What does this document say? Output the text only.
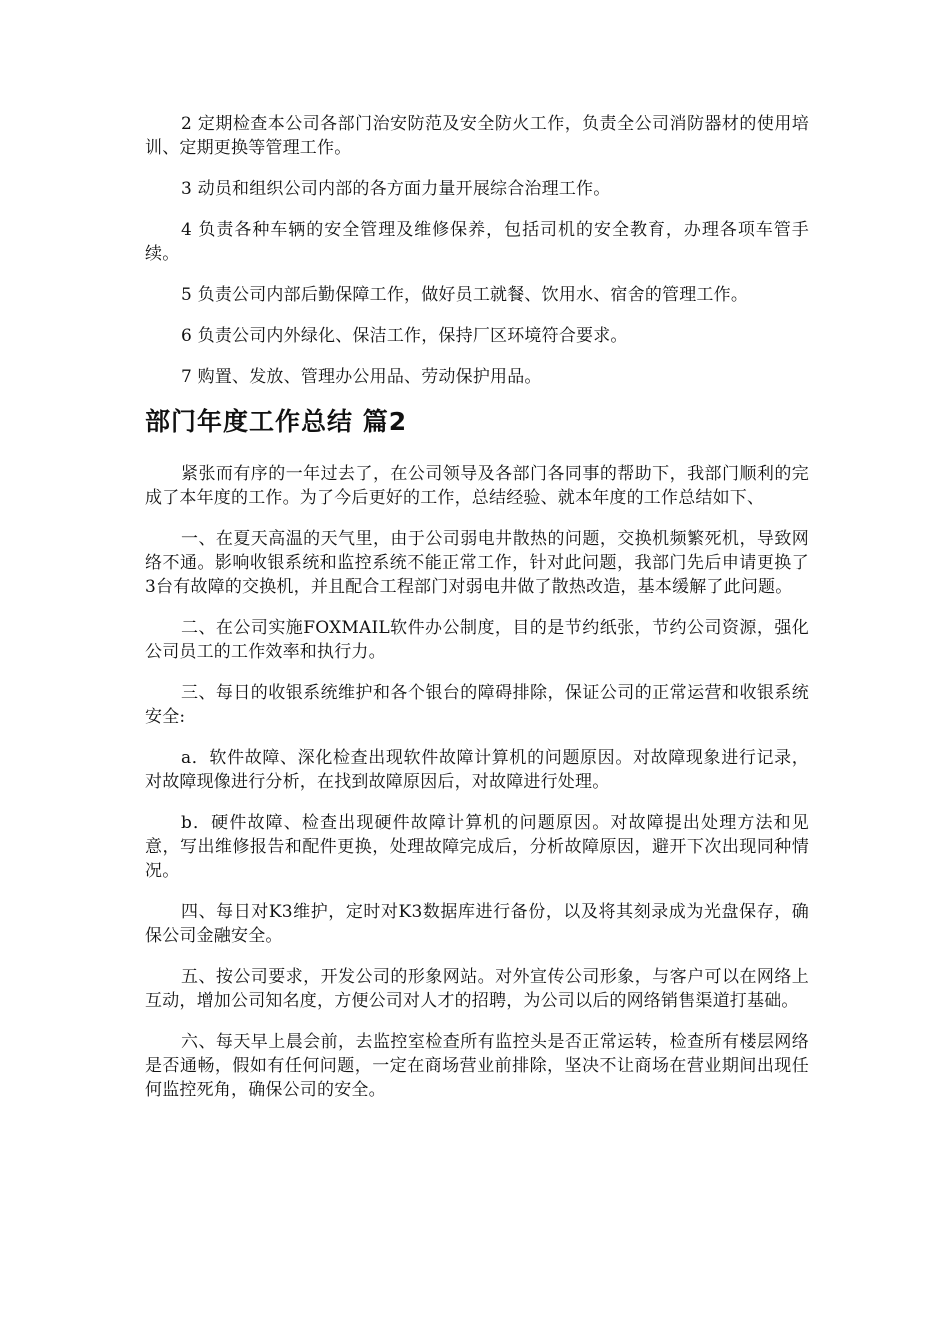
2 定期检查本公司各部门治安防范及安全防火工作，负责全公司消防器材的使用培训、定期更换等管理工作。

3 动员和组织公司内部的各方面力量开展综合治理工作。

4 负责各种车辆的安全管理及维修保养，包括司机的安全教育，办理各项车管手续。

5 负责公司内部后勤保障工作，做好员工就餐、饮用水、宿舍的管理工作。

6 负责公司内外绿化、保洁工作，保持厂区环境符合要求。

7 购置、发放、管理办公用品、劳动保护用品。

部门年度工作总结 篇2

紧张而有序的一年过去了，在公司领导及各部门各同事的帮助下，我部门顺利的完成了本年度的工作。为了今后更好的工作，总结经验、就本年度的工作总结如下、

一、在夏天高温的天气里，由于公司弱电井散热的问题，交换机频繁死机，导致网络不通。影响收银系统和监控系统不能正常工作，针对此问题，我部门先后申请更换了3台有故障的交换机，并且配合工程部门对弱电井做了散热改造，基本缓解了此问题。

二、在公司实施FOXMAIL软件办公制度，目的是节约纸张，节约公司资源，强化公司员工的工作效率和执行力。

三、每日的收银系统维护和各个银台的障碍排除，保证公司的正常运营和收银系统安全:

a．软件故障、深化检查出现软件故障计算机的问题原因。对故障现象进行记录，对故障现像进行分析，在找到故障原因后，对故障进行处理。

b．硬件故障、检查出现硬件故障计算机的问题原因。对故障提出处理方法和见意，写出维修报告和配件更换，处理故障完成后，分析故障原因，避开下次出现同种情况。

四、每日对K3维护，定时对K3数据库进行备份，以及将其刻录成为光盘保存，确保公司金融安全。

五、按公司要求，开发公司的形象网站。对外宣传公司形象，与客户可以在网络上互动，增加公司知名度，方便公司对人才的招聘，为公司以后的网络销售渠道打基础。

六、每天早上晨会前，去监控室检查所有监控头是否正常运转，检查所有楼层网络是否通畅，假如有任何问题，一定在商场营业前排除，坚决不让商场在营业期间出现任何监控死角，确保公司的安全。
